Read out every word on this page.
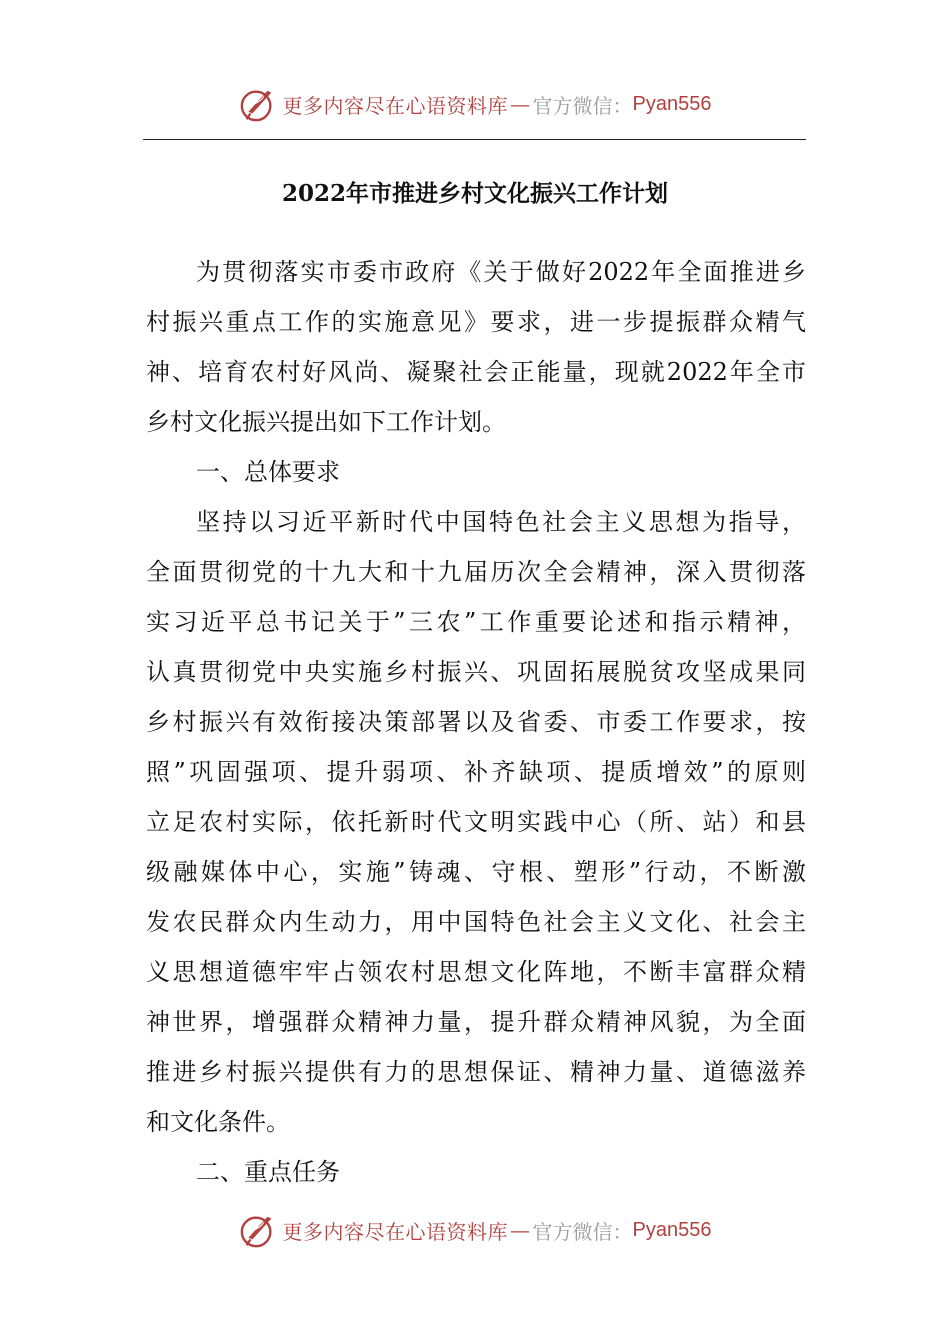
更多内容尽在心语资料库 — 官方微信： Pyan556
2022年市推进乡村文化振兴工作计划
为贯彻落实市委市政府《关于做好2022年全面推进乡
村振兴重点工作的实施意见》要求，进一步提振群众精气
神、培育农村好风尚、凝聚社会正能量，现就2022年全市
乡村文化振兴提出如下工作计划。
一、总体要求
坚持以习近平新时代中国特色社会主义思想为指导，
全面贯彻党的十九大和十九届历次全会精神，深入贯彻落
实习近平总书记关于”三农”工作重要论述和指示精神，
认真贯彻党中央实施乡村振兴、巩固拓展脱贫攻坚成果同
乡村振兴有效衔接决策部署以及省委、市委工作要求，按
照”巩固强项、提升弱项、补齐缺项、提质增效”的原则
立足农村实际，依托新时代文明实践中心（所、站）和县
级融媒体中心，实施”铸魂、守根、塑形”行动，不断激
发农民群众内生动力，用中国特色社会主义文化、社会主
义思想道德牢牢占领农村思想文化阵地，不断丰富群众精
神世界，增强群众精神力量，提升群众精神风貌，为全面
推进乡村振兴提供有力的思想保证、精神力量、道德滋养
和文化条件。
二、重点任务
更多内容尽在心语资料库 — 官方微信： Pyan556
